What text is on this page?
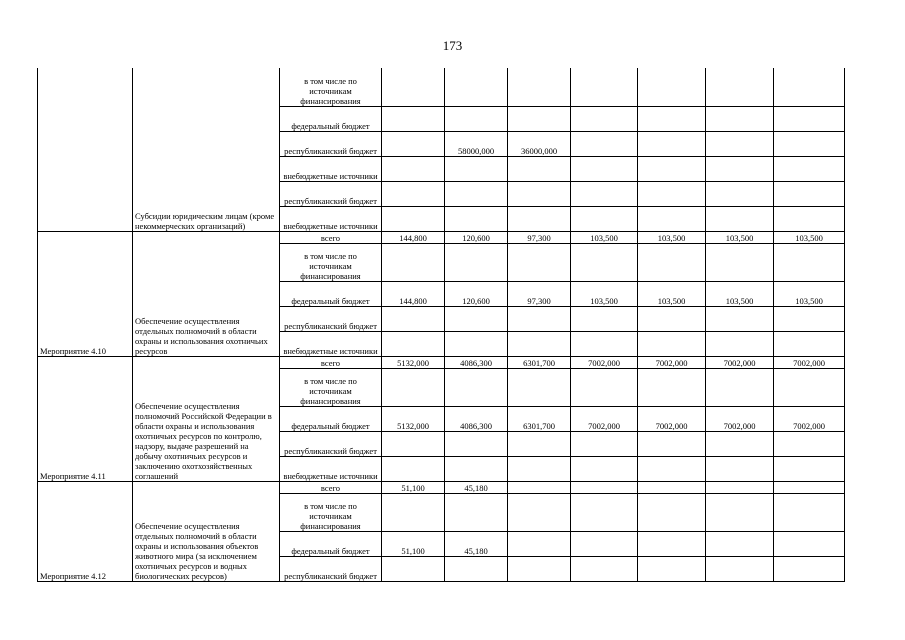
173
	Субсидии юридическим лицам (кроме некоммерческих организаций)	в том числе по источникам финансирования							
		федеральный бюджет							
		республиканский бюджет		58000,000	36000,000				
		внебюджетные источники							
		республиканский бюджет							
		внебюджетные источники							
Мероприятие 4.10	Обеспечение осуществления отдельных полномочий в области охраны и использования охотничьих ресурсов	всего	144,800	120,600	97,300	103,500	103,500	103,500	103,500
		в том числе по источникам финансирования							
		федеральный бюджет	144,800	120,600	97,300	103,500	103,500	103,500	103,500
		республиканский бюджет							
		внебюджетные источники							
Мероприятие 4.11	Обеспечение осуществления полномочий Российской Федерации в области охраны и использования охотничьих ресурсов по контролю, надзору, выдаче разрешений на добычу охотничьих ресурсов и заключению охотхозяйственных соглашений	всего	5132,000	4086,300	6301,700	7002,000	7002,000	7002,000	7002,000
		в том числе по источникам финансирования							
		федеральный бюджет	5132,000	4086,300	6301,700	7002,000	7002,000	7002,000	7002,000
		республиканский бюджет							
		внебюджетные источники							
Мероприятие 4.12	Обеспечение осуществления отдельных полномочий в области охраны и использования объектов животного мира (за исключением охотничьих ресурсов и водных биологических ресурсов)	всего	51,100	45,180					
		в том числе по источникам финансирования							
		федеральный бюджет	51,100	45,180					
		республиканский бюджет							
